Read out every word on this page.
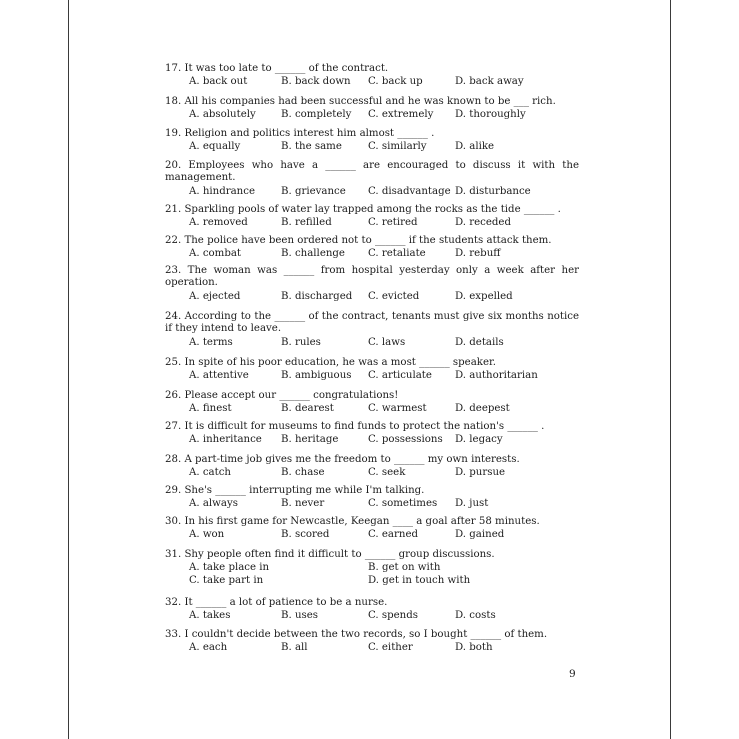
17. It was too late to ______ of the contract.
A. back out	B. back down C. back up	D. back away
18. All his companies had been successful and he was known to be ___ rich.
A. absolutely B. completely C. extremely D. thoroughly
19. Religion and politics interest him almost ______ .
A. equally	B. the same	C. similarly	D. alike
20. Employees who have a ______ are encouraged to discuss it with the management.
A. hindrance	B. grievance C. disadvantage D. disturbance
21. Sparkling pools of water lay trapped among the rocks as the tide ______ .
A. removed	B. refilled	C. retired	D. receded
22. The police have been ordered not to ______ if the students attack them.
A. combat	B. challenge C. retaliate	D. rebuff
23. The woman was ______ from hospital yesterday only a week after her operation.
A. ejected	B. discharged C. evicted	D. expelled
24. According to the ______ of the contract, tenants must give six months notice if they intend to leave.
A. terms	B. rules	C. laws	D. details
25. In spite of his poor education, he was a most ______ speaker.
A. attentive	B. ambiguous C. articulate D. authoritarian
26. Please accept our ______ congratulations!
A. finest	B. dearest	C. warmest	D. deepest
27. It is difficult for museums to find funds to protect the nation's ______ .
A. inheritance B. heritage	C. possessions D. legacy
28. A part-time job gives me the freedom to ______ my own interests.
A. catch	B. chase	C. seek	D. pursue
29. She's ______ interrupting me while I'm talking.
A. always	B. never	C. sometimes D. just
30. In his first game for Newcastle, Keegan ____ a goal after 58 minutes.
A. won	B. scored	C. earned	D. gained
31. Shy people often find it difficult to ______ group discussions.
A. take place in	B. get on with
C. take part in	D. get in touch with
32. It ______ a lot of patience to be a nurse.
A. takes	B. uses	C. spends	D. costs
33. I couldn't decide between the two records, so I bought ______ of them.
A. each	B. all	C. either	D. both
9
